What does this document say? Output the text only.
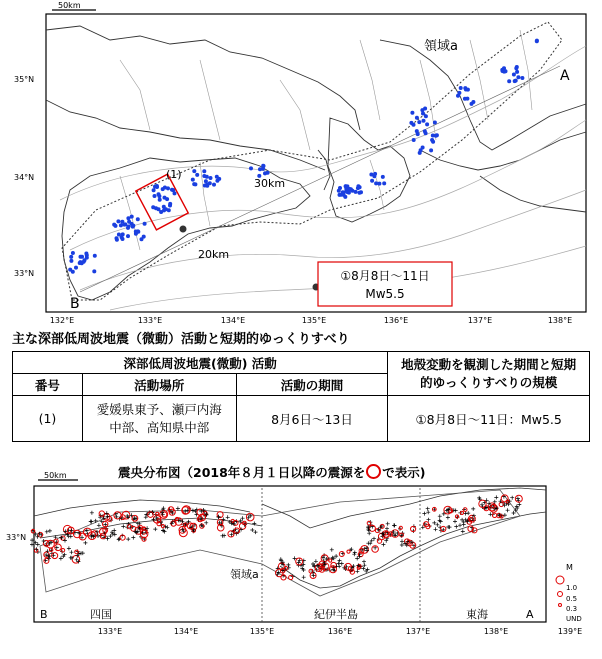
50km
(1)
①8月8日～11日
Mw5.5
領域a
A
B
30km
20km
35°N
34°N
33°N
132°E	133°E	134°E	135°E	136°E	137°E	138°E
主な深部低周波地震（微動）活動と短期的ゆっくりすべり
深部低周波地震(微動) 活動			地殻変動を観測した期間と短期的ゆっくりすべりの規模
番号	活動場所	活動の期間	
(1)	愛媛県東予、瀬戸内海中部、高知県中部	8月6日～13日	①8月8日～11日：Mw5.5
震央分布図（2018年８月１日以降の震源を で表示)
50km
領域a
B	A
四国	紀伊半島	東海
33°N
133°E	134°E	135°E	136°E	137°E	138°E	139°E
M
1.0
0.5
0.3
UND
